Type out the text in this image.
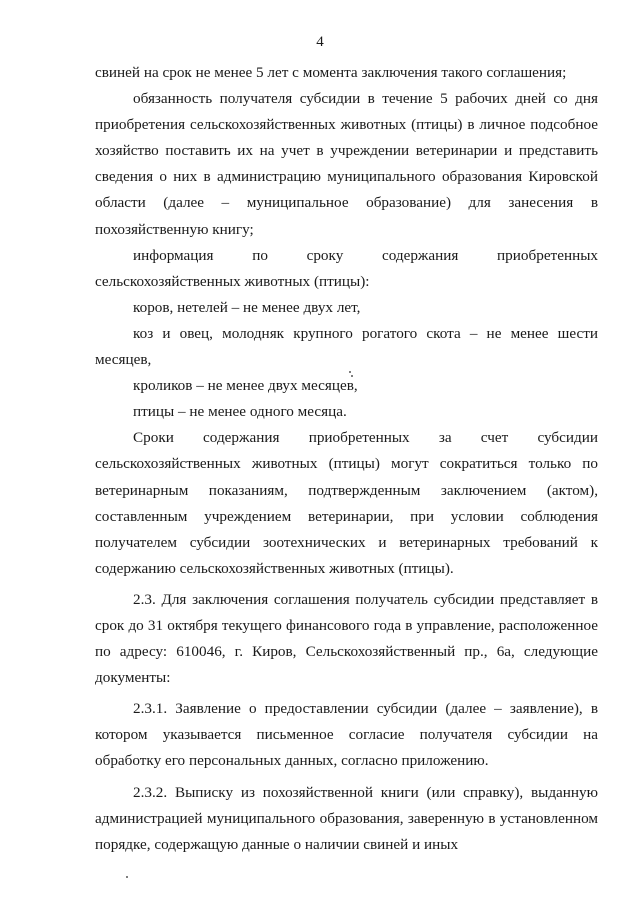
4

свиней на срок не менее 5 лет с момента заключения такого соглашения;

обязанность получателя субсидии в течение 5 рабочих дней со дня приобретения сельскохозяйственных животных (птицы) в личное подсобное хозяйство поставить их на учет в учреждении ветеринарии и представить сведения о них в администрацию муниципального образования Кировской области (далее – муниципальное образование) для занесения в похозяйственную книгу;

информация по сроку содержания приобретенных сельскохозяйственных животных (птицы):

коров, нетелей – не менее двух лет,

коз и овец, молодняк крупного рогатого скота – не менее шести месяцев,

кроликов – не менее двух месяцев,

птицы – не менее одного месяца.

Сроки содержания приобретенных за счет субсидии сельскохозяйственных животных (птицы) могут сократиться только по ветеринарным показаниям, подтвержденным заключением (актом), составленным учреждением ветеринарии, при условии соблюдения получателем субсидии зоотехнических и ветеринарных требований к содержанию сельскохозяйственных животных (птицы).

2.3. Для заключения соглашения получатель субсидии представляет в срок до 31 октября текущего финансового года в управление, расположенное по адресу: 610046, г. Киров, Сельскохозяйственный пр., 6а, следующие документы:

2.3.1. Заявление о предоставлении субсидии (далее – заявление), в котором указывается письменное согласие получателя субсидии на обработку его персональных данных, согласно приложению.

2.3.2. Выписку из похозяйственной книги (или справку), выданную администрацией муниципального образования, заверенную в установленном порядке, содержащую данные о наличии свиней и иных
